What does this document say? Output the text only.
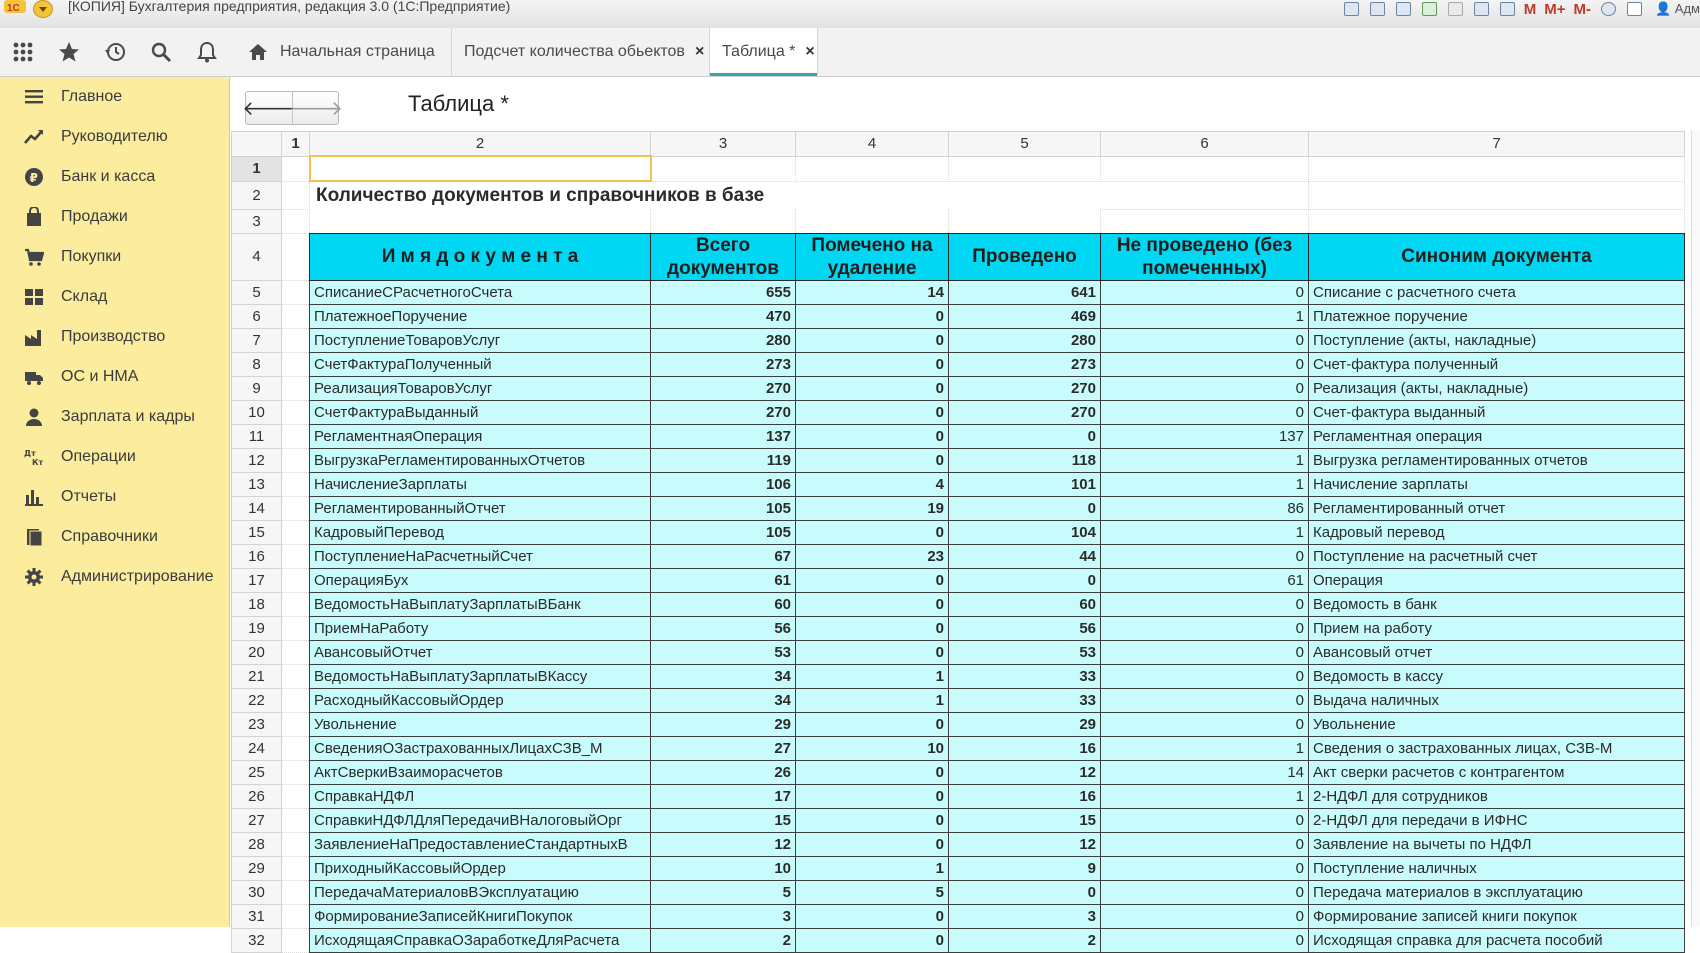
1C	[КОПИЯ] Бухгалтерия предприятия, редакция 3.0 (1С:Предприятие)	M M+ M-	👤 Адм
Начальная страница Подсчет количества обьектов × Таблица * ×
Главное
Руководителю
₽ Банк и касса
Продажи
Покупки
Склад
Производство
ОС и НМА
Зарплата и кадры
Дт
Кт Операции
Отчеты
Справочники
Администрирование
🡐
🡒	Таблица *
	1	2	3	4	5	6	7
1							
2		Количество документов и справочников в базе					
3							
4		И м я д о к у м е н т а	Всего документов	Помечено на удаление	Проведено	Не проведено (без помеченных)	Синоним документа
5		СписаниеСРасчетногоСчета	655	14	641	0	Списание с расчетного счета
6		ПлатежноеПоручение	470	0	469	1	Платежное поручение
7		ПоступлениеТоваровУслуг	280	0	280	0	Поступление (акты, накладные)
8		СчетФактураПолученный	273	0	273	0	Счет-фактура полученный
9		РеализацияТоваровУслуг	270	0	270	0	Реализация (акты, накладные)
10		СчетФактураВыданный	270	0	270	0	Счет-фактура выданный
11		РегламентнаяОперация	137	0	0	137	Регламентная операция
12		ВыгрузкаРегламентированныхОтчетов	119	0	118	1	Выгрузка регламентированных отчетов
13		НачислениеЗарплаты	106	4	101	1	Начисление зарплаты
14		РегламентированныйОтчет	105	19	0	86	Регламентированный отчет
15		КадровыйПеревод	105	0	104	1	Кадровый перевод
16		ПоступлениеНаРасчетныйСчет	67	23	44	0	Поступление на расчетный счет
17		ОперацияБух	61	0	0	61	Операция
18		ВедомостьНаВыплатуЗарплатыВБанк	60	0	60	0	Ведомость в банк
19		ПриемНаРаботу	56	0	56	0	Прием на работу
20		АвансовыйОтчет	53	0	53	0	Авансовый отчет
21		ВедомостьНаВыплатуЗарплатыВКассу	34	1	33	0	Ведомость в кассу
22		РасходныйКассовыйОрдер	34	1	33	0	Выдача наличных
23		Увольнение	29	0	29	0	Увольнение
24		СведенияОЗастрахованныхЛицахСЗВ_М	27	10	16	1	Сведения о застрахованных лицах, СЗВ-М
25		АктСверкиВзаиморасчетов	26	0	12	14	Акт сверки расчетов с контрагентом
26		СправкаНДФЛ	17	0	16	1	2-НДФЛ для сотрудников
27		СправкиНДФЛДляПередачиВНалоговыйОрг	15	0	15	0	2-НДФЛ для передачи в ИФНС
28		ЗаявлениеНаПредоставлениеСтандартныхВ	12	0	12	0	Заявление на вычеты по НДФЛ
29		ПриходныйКассовыйОрдер	10	1	9	0	Поступление наличных
30		ПередачаМатериаловВЭксплуатацию	5	5	0	0	Передача материалов в эксплуатацию
31		ФормированиеЗаписейКнигиПокупок	3	0	3	0	Формирование записей книги покупок
32		ИсходящаяСправкаОЗаработкеДляРасчета	2	0	2	0	Исходящая справка для расчета пособий
